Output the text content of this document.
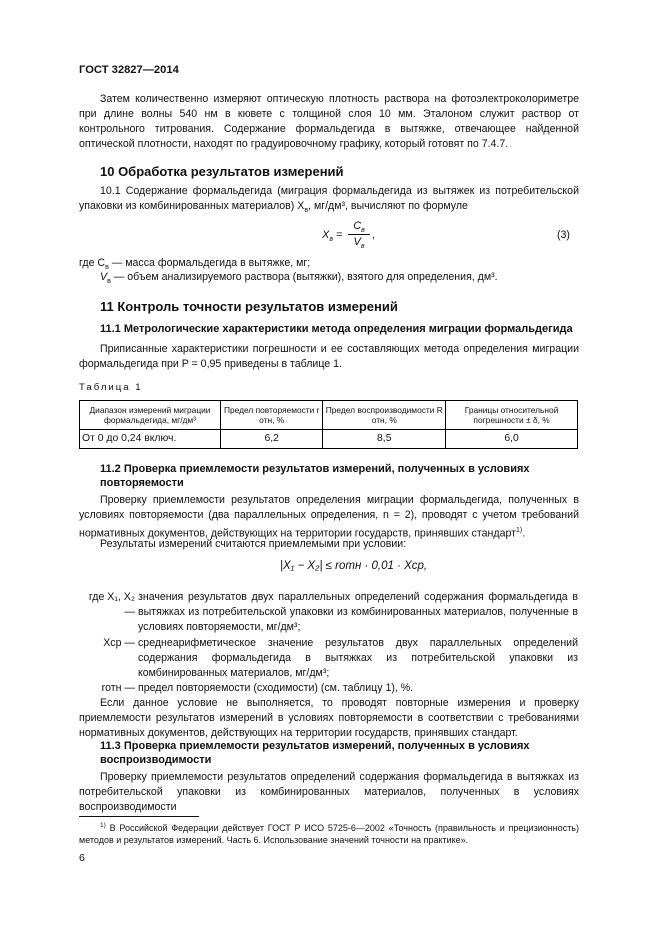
ГОСТ 32827—2014
Затем количественно измеряют оптическую плотность раствора на фотоэлектроколориметре при длине волны 540 нм в кювете с толщиной слоя 10 мм. Эталоном служит раствор от контрольного титрования. Содержание формальдегида в вытяжке, отвечающее найденной оптической плотности, находят по градуировочному графику, который готовят по 7.4.7.
10 Обработка результатов измерений
10.1 Содержание формальдегида (миграция формальдегида из вытяжек из потребительской упаковки из комбинированных материалов) $X_в$, мг/дм³, вычисляют по формуле
$X_в$ =
$C_в$
$V_в$
,	(3)
где $C_в$ — масса формальдегида в вытяжке, мг;
$V_в$ — объем анализируемого раствора (вытяжки), взятого для определения, дм³.
11 Контроль точности результатов измерений
11.1 Метрологические характеристики метода определения миграции формальдегида
Приписанные характеристики погрешности и ее составляющих метода определения миграции формальдегида при P = 0,95 приведены в таблице 1.
Таблица 1
Диапазон измерений миграции формальдегида, мг/дм³	Предел повторяемости r отн, %	Предел воспроизводимости R отн, %	Границы относительной погрешности ± δ, %
От 0 до 0,24 включ.	6,2	8,5	6,0
11.2 Проверка приемлемости результатов измерений, полученных в условиях повторяемости
Проверку приемлемости результатов определения миграции формальдегида, полученных в условиях повторяемости (два параллельных определения, n = 2), проводят с учетом требований нормативных документов, действующих на территории государств, принявших стандарт$^{1)}$.
Результаты измерений считаются приемлемыми при условии:
|X₁ − X₂| ≤ rотн · 0,01 · Xср,
где X₁, X₂ —
значения результатов двух параллельных определений содержания формальдегида в вытяжках из потребительской упаковки из комбинированных материалов, полученные в условиях повторяемости, мг/дм³;
Xср — среднеарифметическое значение результатов двух параллельных определений содержания формальдегида в вытяжках из потребительской упаковки из комбинированных материалов, мг/дм³;
rотн — предел повторяемости (сходимости) (см. таблицу 1), %.
Если данное условие не выполняется, то проводят повторные измерения и проверку приемлемости результатов измерений в условиях повторяемости в соответствии с требованиями нормативных документов, действующих на территории государств, принявших стандарт.
11.3 Проверка приемлемости результатов измерений, полученных в условиях воспроизводимости
Проверку приемлемости результатов определений содержания формальдегида в вытяжках из потребительской упаковки из комбинированных материалов, полученных в условиях воспроизводимости
$^{1)}$ В Российской Федерации действует ГОСТ Р ИСО 5725-6—2002 «Точность (правильность и прецизионность) методов и результатов измерений. Часть 6. Использование значений точности на практике».
6
